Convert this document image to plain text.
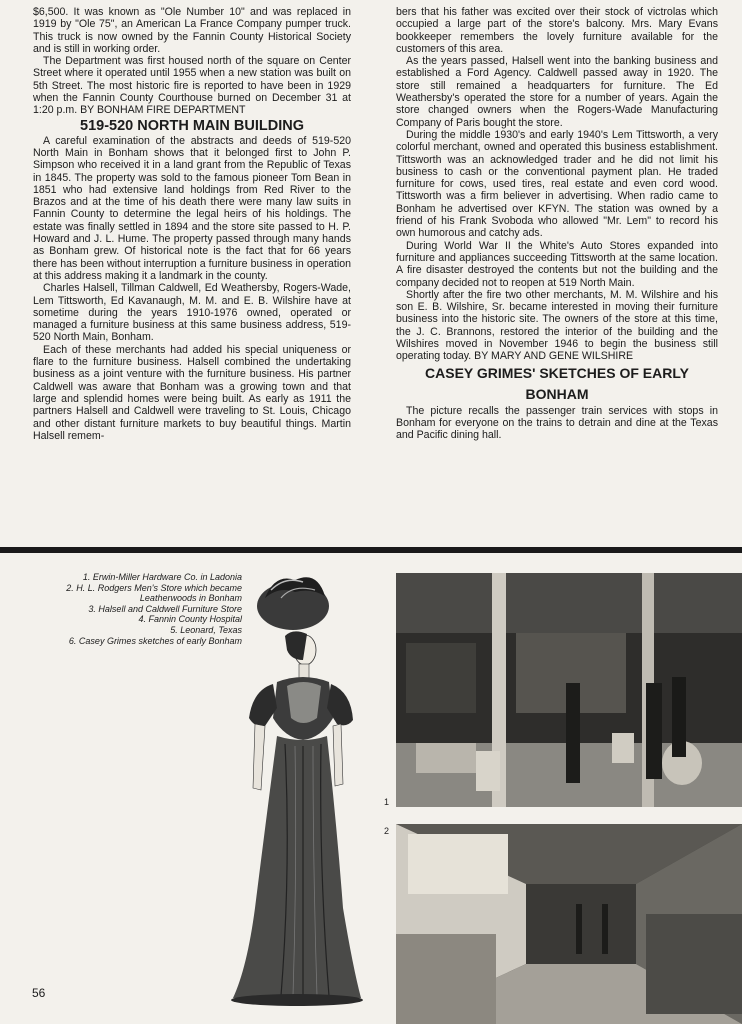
$6,500. It was known as "Ole Number 10" and was replaced in 1919 by "Ole 75", an American La France Company pumper truck. This truck is now owned by the Fannin County Historical Society and is still in working order.

The Department was first housed north of the square on Center Street where it operated until 1955 when a new station was built on 5th Street. The most historic fire is reported to have been in 1929 when the Fannin County Courthouse burned on December 31 at 1:20 p.m. BY BONHAM FIRE DEPARTMENT

519-520 NORTH MAIN BUILDING

A careful examination of the abstracts and deeds of 519-520 North Main in Bonham shows that it belonged first to John P. Simpson who received it in a land grant from the Republic of Texas in 1845. The property was sold to the famous pioneer Tom Bean in 1851 who had extensive land holdings from Red River to the Brazos and at the time of his death there were many law suits in Fannin County to determine the legal heirs of his holdings. The estate was finally settled in 1894 and the store site passed to H. P. Howard and J. L. Hume. The property passed through many hands as Bonham grew. Of historical note is the fact that for 66 years there has been without interruption a furniture business in operation at this address making it a landmark in the county.

Charles Halsell, Tillman Caldwell, Ed Weathersby, Rogers-Wade, Lem Tittsworth, Ed Kavanaugh, M. M. and E. B. Wilshire have at sometime during the years 1910-1976 owned, operated or managed a furniture business at this same business address, 519-520 North Main, Bonham.

Each of these merchants had added his special uniqueness or flare to the furniture business. Halsell combined the undertaking business as a joint venture with the furniture business. His partner Caldwell was aware that Bonham was a growing town and that large and splendid homes were being built. As early as 1911 the partners Halsell and Caldwell were traveling to St. Louis, Chicago and other distant furniture markets to buy beautiful things. Martin Halsell remem-

bers that his father was excited over their stock of victrolas which occupied a large part of the store's balcony. Mrs. Mary Evans bookkeeper remembers the lovely furniture available for the customers of this area.

As the years passed, Halsell went into the banking business and established a Ford Agency. Caldwell passed away in 1920. The store still remained a headquarters for furniture. The Ed Weathersby's operated the store for a number of years. Again the store changed owners when the Rogers-Wade Manufacturing Company of Paris bought the store.

During the middle 1930's and early 1940's Lem Tittsworth, a very colorful merchant, owned and operated this business establishment. Tittsworth was an acknowledged trader and he did not limit his business to cash or the conventional payment plan. He traded furniture for cows, used tires, real estate and even cord wood. Tittsworth was a firm believer in advertising. When radio came to Bonham he advertised over KFYN. The station was owned by a friend of his Frank Svoboda who allowed "Mr. Lem" to record his own humorous and catchy ads.

During World War II the White's Auto Stores expanded into furniture and appliances succeeding Tittsworth at the same location. A fire disaster destroyed the contents but not the building and the company decided not to reopen at 519 North Main.

Shortly after the fire two other merchants, M. M. Wilshire and his son E. B. Wilshire, Sr. became interested in moving their furniture business into the historic site. The owners of the store at this time, the J. C. Brannons, restored the interior of the building and the Wilshires moved in November 1946 to begin the business still operating today. BY MARY AND GENE WILSHIRE

CASEY GRIMES' SKETCHES OF EARLY BONHAM

The picture recalls the passenger train services with stops in Bonham for everyone on the trains to detrain and dine at the Texas and Pacific dining hall.

1. Erwin-Miller Hardware Co. in Ladonia
2. H. L. Rodgers Men's Store which became
Leatherwoods in Bonham
3. Halsell and Caldwell Furniture Store
4. Fannin County Hospital
5. Leonard, Texas
6. Casey Grimes sketches of early Bonham
1
2
56
